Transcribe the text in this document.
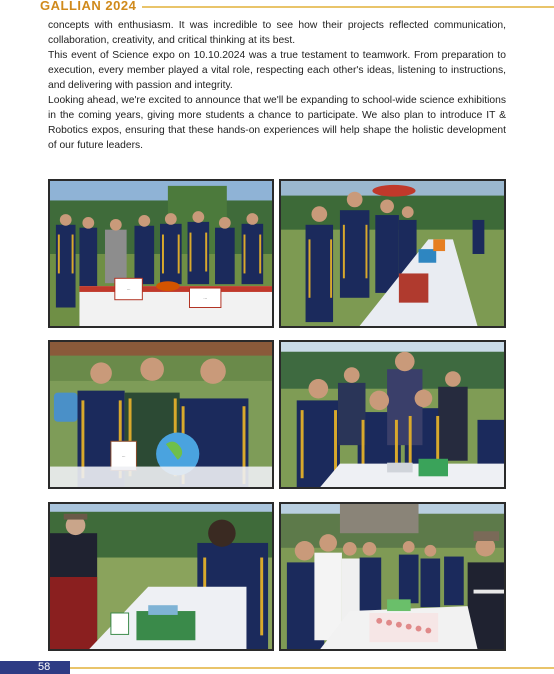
GALLIAN 2024

concepts with enthusiasm. It was incredible to see how their projects reflected communication, collaboration, creativity, and critical thinking at its best.

This event of Science expo on 10.10.2024 was a true testament to teamwork. From preparation to execution, every member played a vital role, respecting each other's ideas, listening to instructions, and delivering with passion and integrity.

Looking ahead, we're excited to announce that we'll be expanding to school-wide science exhibitions in the coming years, giving more students a chance to participate. We also plan to introduce IT & Robotics expos, ensuring that these hands-on experiences will help shape the holistic development of our future leaders.

...
...
...
58
